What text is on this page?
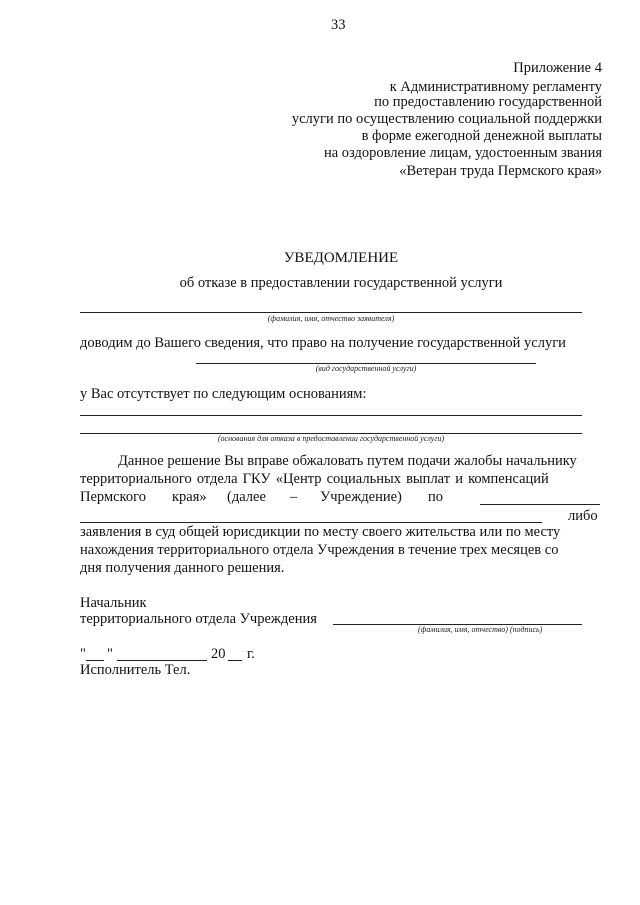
33
Приложение 4
к Административному регламенту
по предоставлению государственной
услуги по осуществлению социальной поддержки
в форме ежегодной денежной выплаты
на оздоровление лицам, удостоенным звания
«Ветеран труда Пермского края»
УВЕДОМЛЕНИЕ
об отказе в предоставлении государственной услуги
(фамилия, имя, отчество заявителя)
доводим до Вашего сведения, что право на получение государственной услуги
(вид государственной услуги)
у Вас отсутствует по следующим основаниям:
(основания для отказа в предоставлении государственной услуги)
Данное решение Вы вправе обжаловать путем подачи жалобы начальнику
территориального отдела ГКУ «Центр социальных выплат и компенсаций
Пермского края» (далее – Учреждение) по
либо
заявления в суд общей юрисдикции по месту своего жительства или по месту
нахождения территориального отдела Учреждения в течение трех месяцев со
дня получения данного решения.
Начальник
территориального отдела Учреждения
(фамилия, имя, отчество) (подпись)
" "	20 г.
Исполнитель Тел.
